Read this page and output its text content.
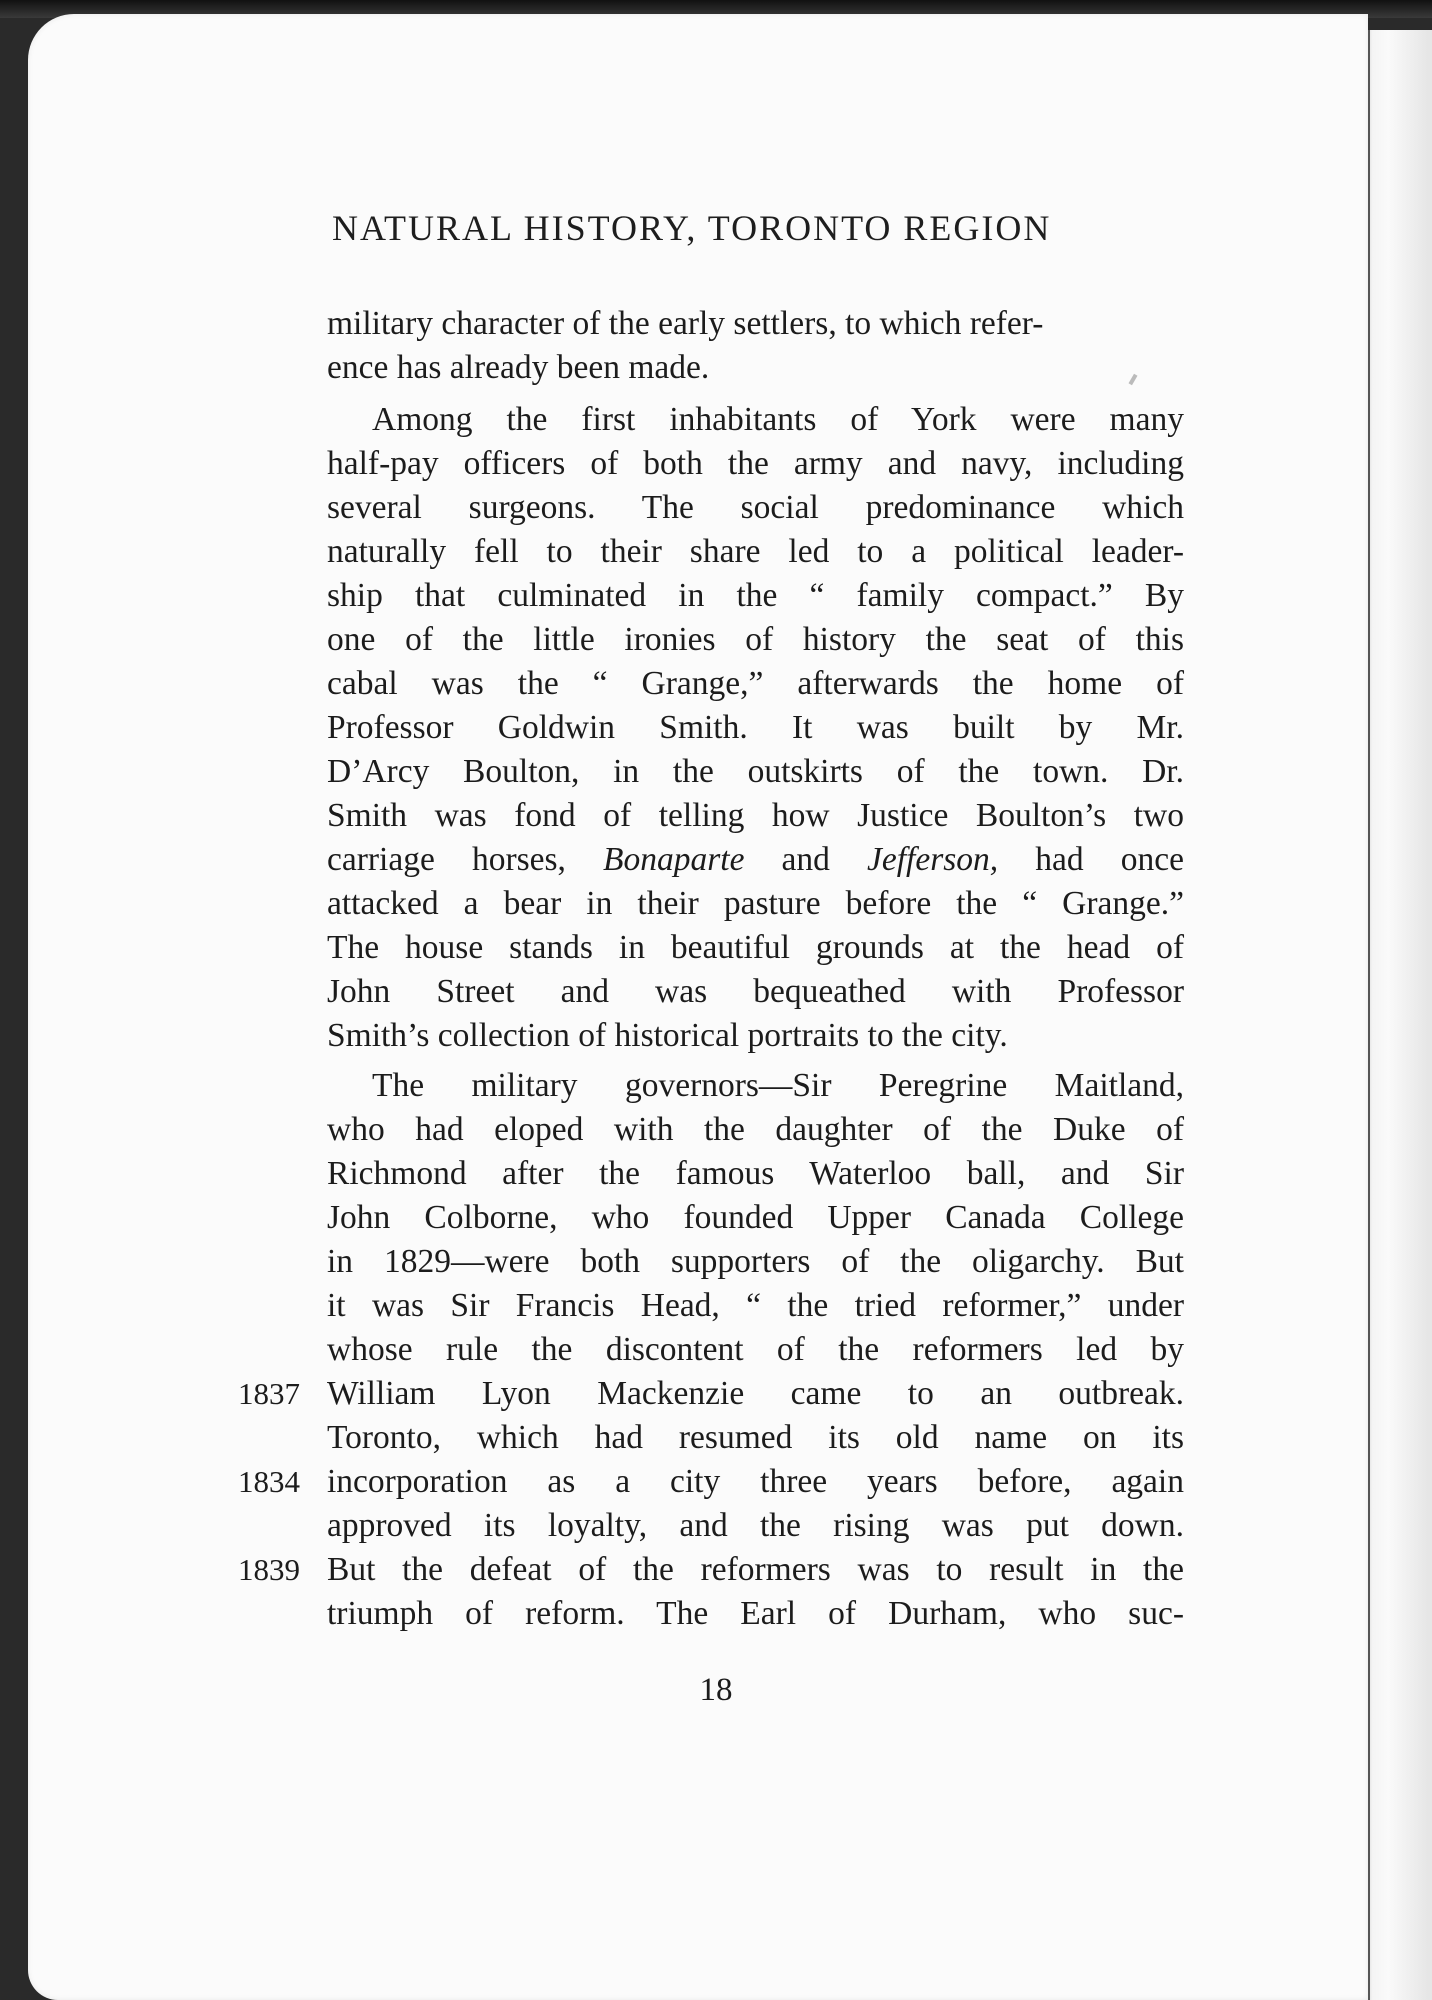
NATURAL HISTORY, TORONTO REGION
military character of the early settlers, to which refer-
ence has already been made.
Among the first inhabitants of York were many
half-pay officers of both the army and navy, including
several surgeons. The social predominance which
naturally fell to their share led to a political leader-
ship that culminated in the “ family compact.” By
one of the little ironies of history the seat of this
cabal was the “ Grange,” afterwards the home of
Professor Goldwin Smith. It was built by Mr.
D’Arcy Boulton, in the outskirts of the town. Dr.
Smith was fond of telling how Justice Boulton’s two
carriage horses, Bonaparte and Jefferson, had once
attacked a bear in their pasture before the “ Grange.”
The house stands in beautiful grounds at the head of
John Street and was bequeathed with Professor
Smith’s collection of historical portraits to the city.
The military governors—Sir Peregrine Maitland,
who had eloped with the daughter of the Duke of
Richmond after the famous Waterloo ball, and Sir
John Colborne, who founded Upper Canada College
in 1829—were both supporters of the oligarchy. But
it was Sir Francis Head, “ the tried reformer,” under
whose rule the discontent of the reformers led by
William Lyon Mackenzie came to an outbreak.
Toronto, which had resumed its old name on its
incorporation as a city three years before, again
approved its loyalty, and the rising was put down.
But the defeat of the reformers was to result in the
triumph of reform. The Earl of Durham, who suc-
1837
1834
1839
18
